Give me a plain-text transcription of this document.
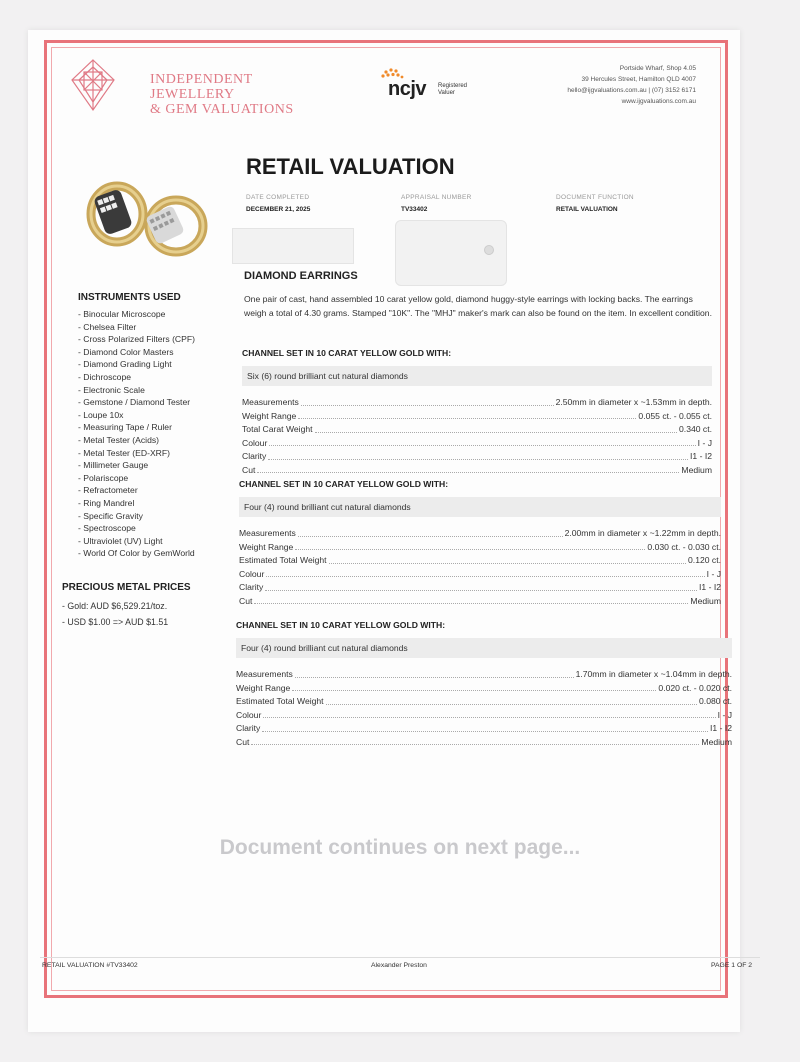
INDEPENDENT JEWELLERY
& GEM VALUATIONS
ncjv Registered
Valuer
Portside Wharf, Shop 4.05
39 Hercules Street, Hamilton QLD 4007
hello@ijgvaluations.com.au | (07) 3152 6171
www.ijgvaluations.com.au
RETAIL VALUATION
DATE COMPLETED
DECEMBER 21, 2025
APPRAISAL NUMBER
TV33402
DOCUMENT FUNCTION
RETAIL VALUATION
INSTRUMENTS USED
- Binocular Microscope
- Chelsea Filter
- Cross Polarized Filters (CPF)
- Diamond Color Masters
- Diamond Grading Light
- Dichroscope
- Electronic Scale
- Gemstone / Diamond Tester
- Loupe 10x
- Measuring Tape / Ruler
- Metal Tester (Acids)
- Metal Tester (ED-XRF)
- Millimeter Gauge
- Polariscope
- Refractometer
- Ring Mandrel
- Specific Gravity
- Spectroscope
- Ultraviolet (UV) Light
- World Of Color by GemWorld
PRECIOUS METAL PRICES
- Gold: AUD $6,529.21/toz.
- USD $1.00 => AUD $1.51
DIAMOND EARRINGS
One pair of cast, hand assembled 10 carat yellow gold, diamond huggy-style earrings with locking backs. The earrings weigh a total of 4.30 grams. Stamped "10K". The "MHJ" maker's mark can also be found on the item. In excellent condition.
CHANNEL SET IN 10 CARAT YELLOW GOLD WITH:
Six (6) round brilliant cut natural diamonds
Measurements	2.50mm in diameter x ~1.53mm in depth.
Weight Range	0.055 ct. - 0.055 ct.
Total Carat Weight	0.340 ct.
Colour	I - J
Clarity	I1 - I2
Cut	Medium
CHANNEL SET IN 10 CARAT YELLOW GOLD WITH:
Four (4) round brilliant cut natural diamonds
Measurements	2.00mm in diameter x ~1.22mm in depth.
Weight Range	0.030 ct. - 0.030 ct.
Estimated Total Weight	0.120 ct.
Colour	I - J
Clarity	I1 - I2
Cut	Medium
CHANNEL SET IN 10 CARAT YELLOW GOLD WITH:
Four (4) round brilliant cut natural diamonds
Measurements	1.70mm in diameter x ~1.04mm in depth.
Weight Range	0.020 ct. - 0.020 ct.
Estimated Total Weight	0.080 ct.
Colour	I - J
Clarity	I1 - I2
Cut	Medium
Document continues on next page...
RETAIL VALUATION #TV33402	Alexander Preston	PAGE 1 OF 2
